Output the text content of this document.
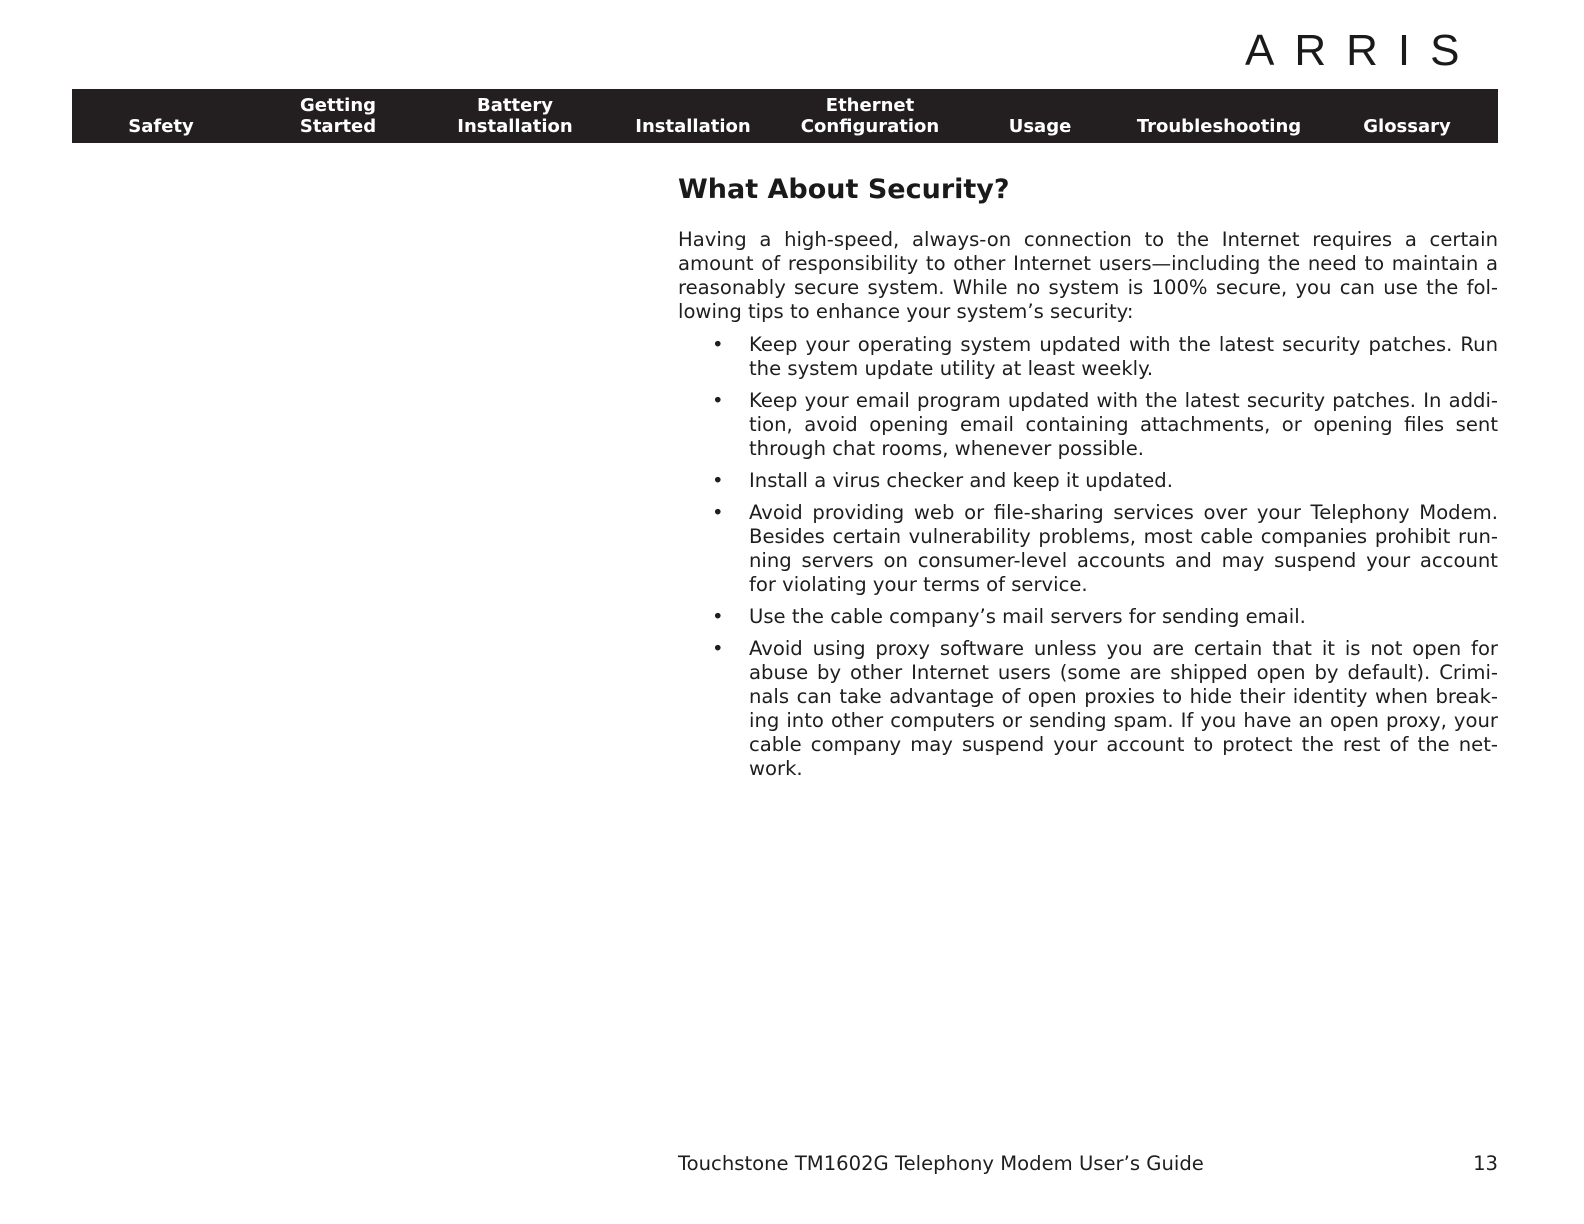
ARRIS
Safety
Getting
Started
Battery
Installation	Installation
Ethernet
Configuration	Usage	Troubleshooting	Glossary
What About Security?

Having a high-speed, always-on connection to the Internet requires a certain amount of responsibility to other Internet users—including the need to maintain a reasonably secure system. While no system is 100% secure, you can use the following tips to enhance your system’s security:

• Keep your operating system updated with the latest security patches. Run the system update utility at least weekly.
• Keep your email program updated with the latest security patches. In addition, avoid opening email containing attachments, or opening files sent through chat rooms, whenever possible.
• Install a virus checker and keep it updated.
• Avoid providing web or file-sharing services over your Telephony Modem. Besides certain vulnerability problems, most cable companies prohibit running servers on consumer-level accounts and may suspend your account for violating your terms of service.
• Use the cable company’s mail servers for sending email.
• Avoid using proxy software unless you are certain that it is not open for abuse by other Internet users (some are shipped open by default). Criminals can take advantage of open proxies to hide their identity when breaking into other computers or sending spam. If you have an open proxy, your cable company may suspend your account to protect the rest of the network.
Touchstone TM1602G Telephony Modem User’s Guide	13
